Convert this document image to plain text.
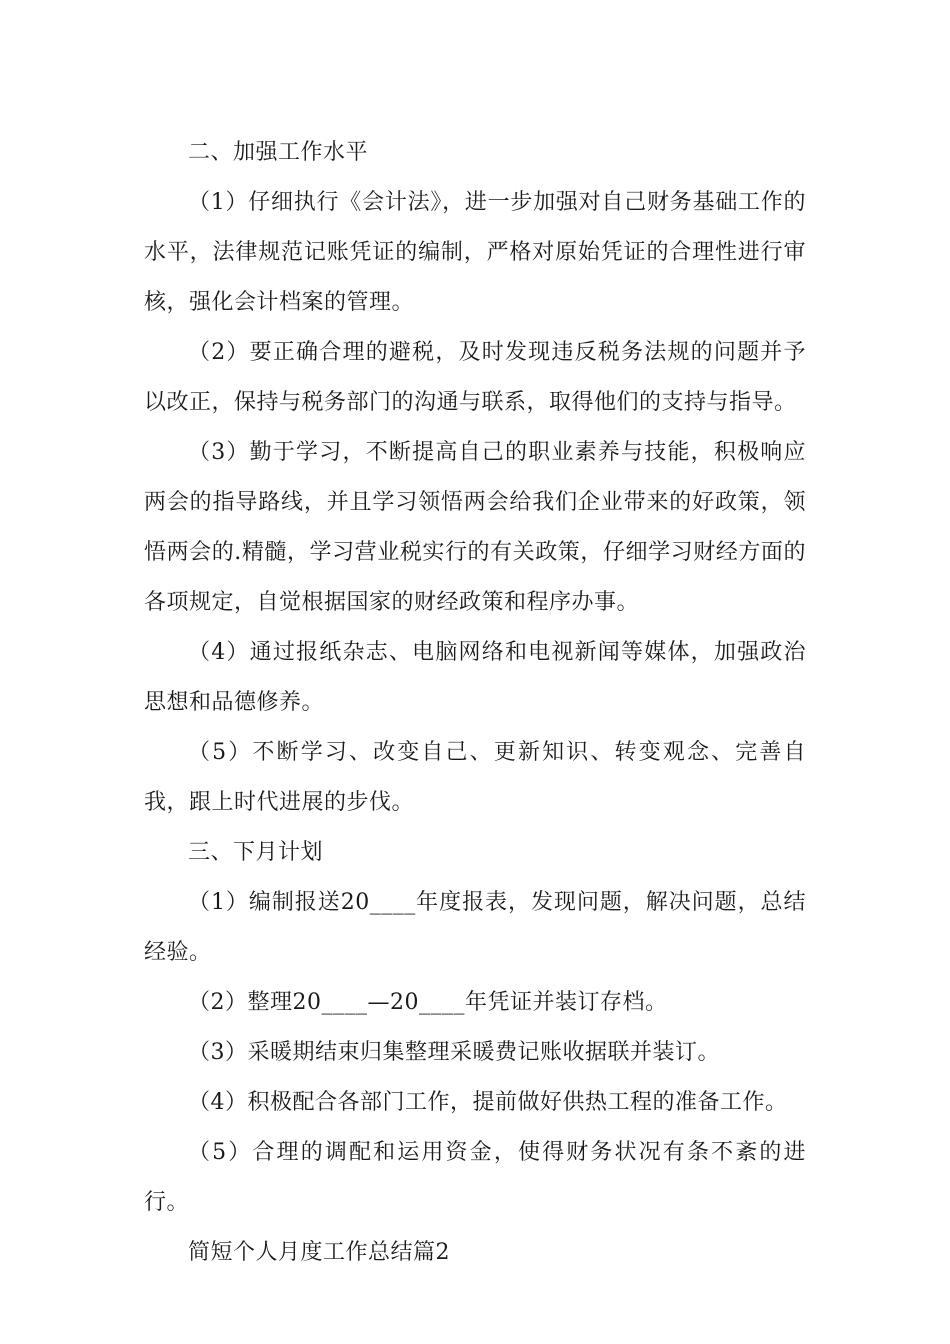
二、加强工作水平

（1）仔细执行《会计法》，进一步加强对自己财务基础工作的水平，法律规范记账凭证的编制，严格对原始凭证的合理性进行审核，强化会计档案的管理。

（2）要正确合理的避税，及时发现违反税务法规的问题并予以改正，保持与税务部门的沟通与联系，取得他们的支持与指导。

（3）勤于学习，不断提高自己的职业素养与技能，积极响应两会的指导路线，并且学习领悟两会给我们企业带来的好政策，领悟两会的.精髓，学习营业税实行的有关政策，仔细学习财经方面的各项规定，自觉根据国家的财经政策和程序办事。

（4）通过报纸杂志、电脑网络和电视新闻等媒体，加强政治思想和品德修养。

（5）不断学习、改变自己、更新知识、转变观念、完善自我，跟上时代进展的步伐。

三、下月计划

（1）编制报送20____年度报表，发现问题，解决问题，总结经验。

（2）整理20____—20____年凭证并装订存档。

（3）采暖期结束归集整理采暖费记账收据联并装订。

（4）积极配合各部门工作，提前做好供热工程的准备工作。

（5）合理的调配和运用资金，使得财务状况有条不紊的进行。

简短个人月度工作总结篇2
